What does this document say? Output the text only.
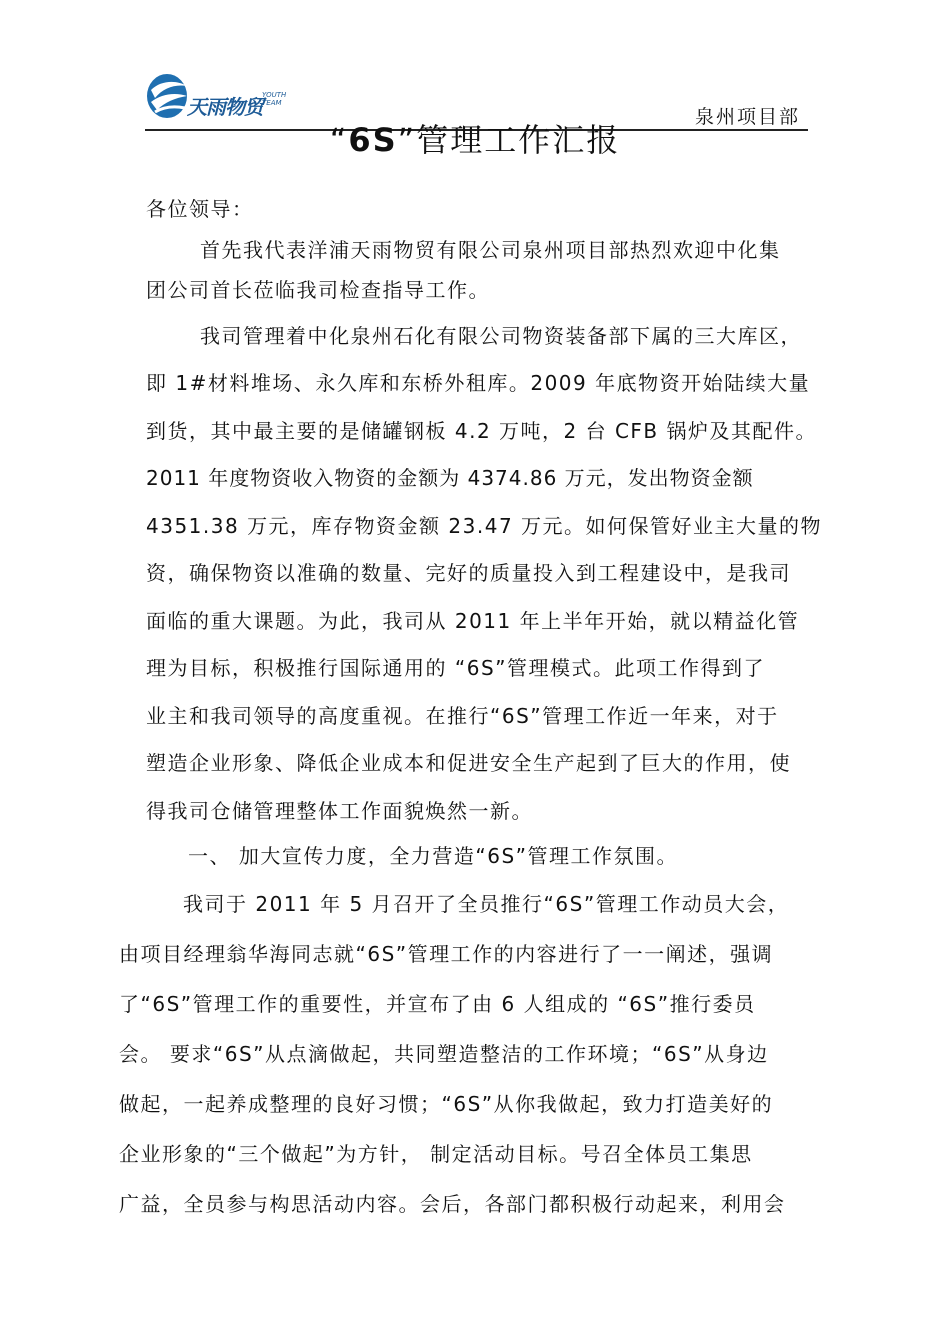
天雨物贸 YOUTH TEAM
泉州项目部
“6S”管理工作汇报
各位领导：
首先我代表洋浦天雨物贸有限公司泉州项目部热烈欢迎中化集
团公司首长莅临我司检查指导工作。
我司管理着中化泉州石化有限公司物资装备部下属的三大库区，
即 1#材料堆场、永久库和东桥外租库。2009 年底物资开始陆续大量
到货，其中最主要的是储罐钢板 4.2 万吨，2 台 CFB 锅炉及其配件。
2011 年度物资收入物资的金额为 4374.86 万元，发出物资金额
4351.38 万元，库存物资金额 23.47 万元。如何保管好业主大量的物
资，确保物资以准确的数量、完好的质量投入到工程建设中，是我司
面临的重大课题。为此，我司从 2011 年上半年开始，就以精益化管
理为目标，积极推行国际通用的 “6S”管理模式。此项工作得到了
业主和我司领导的高度重视。在推行“6S”管理工作近一年来，对于
塑造企业形象、降低企业成本和促进安全生产起到了巨大的作用，使
得我司仓储管理整体工作面貌焕然一新。
一、 加大宣传力度，全力营造“6S”管理工作氛围。
我司于 2011 年 5 月召开了全员推行“6S”管理工作动员大会，
由项目经理翁华海同志就“6S”管理工作的内容进行了一一阐述，强调
了“6S”管理工作的重要性，并宣布了由 6 人组成的 “6S”推行委员
会。 要求“6S”从点滴做起，共同塑造整洁的工作环境；“6S”从身边
做起，一起养成整理的良好习惯；“6S”从你我做起，致力打造美好的
企业形象的“三个做起”为方针， 制定活动目标。号召全体员工集思
广益，全员参与构思活动内容。会后，各部门都积极行动起来，利用会
